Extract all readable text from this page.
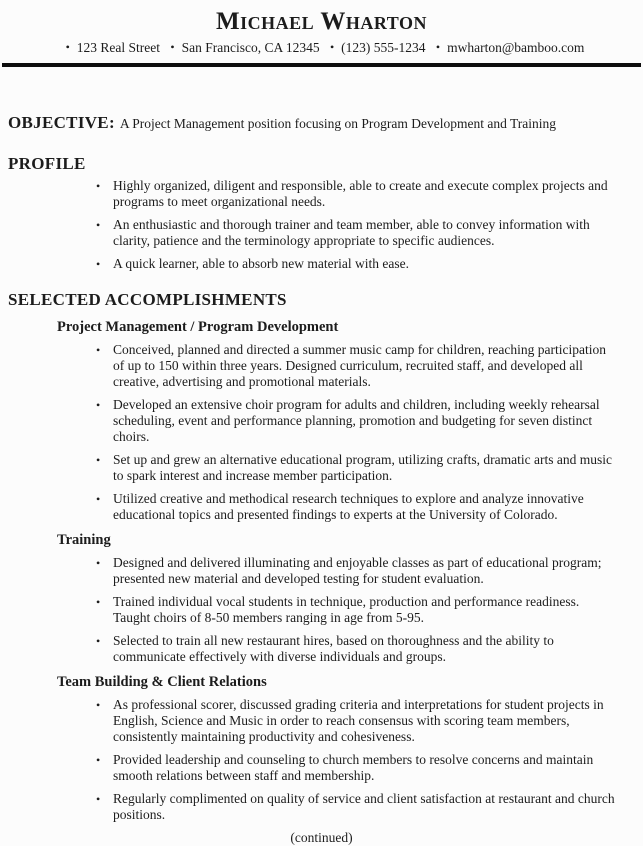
Michael Wharton
• 123 Real Street • San Francisco, CA 12345 • (123) 555-1234 • mwharton@bamboo.com
OBJECTIVE: A Project Management position focusing on Program Development and Training
PROFILE
• Highly organized, diligent and responsible, able to create and execute complex projects and programs to meet organizational needs.
• An enthusiastic and thorough trainer and team member, able to convey information with clarity, patience and the terminology appropriate to specific audiences.
• A quick learner, able to absorb new material with ease.
SELECTED ACCOMPLISHMENTS
Project Management / Program Development
• Conceived, planned and directed a summer music camp for children, reaching participation of up to 150 within three years. Designed curriculum, recruited staff, and developed all creative, advertising and promotional materials.
• Developed an extensive choir program for adults and children, including weekly rehearsal scheduling, event and performance planning, promotion and budgeting for seven distinct choirs.
• Set up and grew an alternative educational program, utilizing crafts, dramatic arts and music to spark interest and increase member participation.
• Utilized creative and methodical research techniques to explore and analyze innovative educational topics and presented findings to experts at the University of Colorado.
Training
• Designed and delivered illuminating and enjoyable classes as part of educational program; presented new material and developed testing for student evaluation.
• Trained individual vocal students in technique, production and performance readiness. Taught choirs of 8-50 members ranging in age from 5-95.
• Selected to train all new restaurant hires, based on thoroughness and the ability to communicate effectively with diverse individuals and groups.
Team Building & Client Relations
• As professional scorer, discussed grading criteria and interpretations for student projects in English, Science and Music in order to reach consensus with scoring team members, consistently maintaining productivity and cohesiveness.
• Provided leadership and counseling to church members to resolve concerns and maintain smooth relations between staff and membership.
• Regularly complimented on quality of service and client satisfaction at restaurant and church positions.
(continued)
